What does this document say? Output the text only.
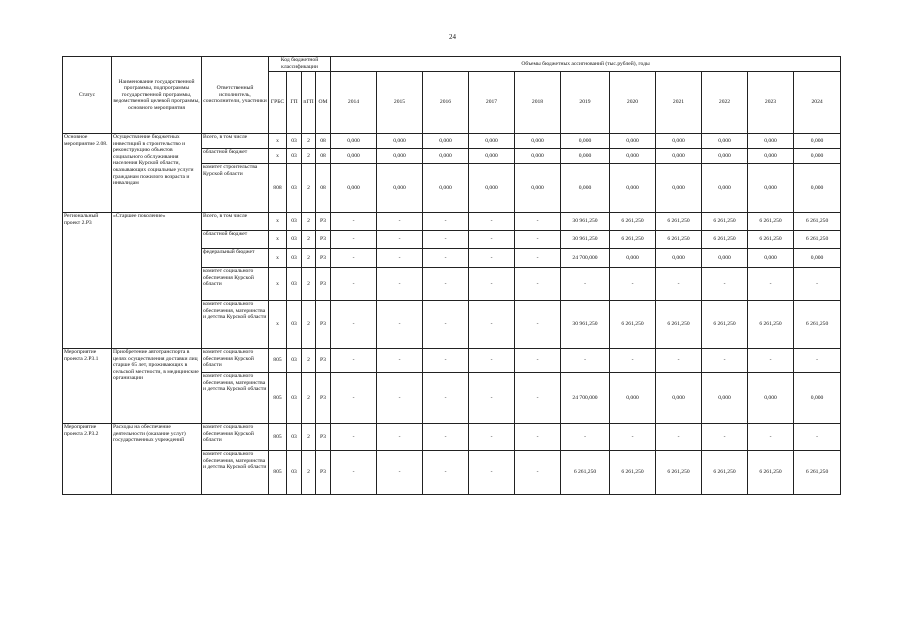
24
Статус	Наименование государственной программы, подпрограммы государственной программы, ведомственной целевой программы, основного мероприятия	Ответственный исполнитель, соисполнители, участники	Код бюджетной классификации				Объемы бюджетных ассигнований (тыс.рублей), годы										
			ГРБС	ГП	пГП	ОМ	2014	2015	2016	2017	2018	2019	2020	2021	2022	2023	2024
Основное мероприятие 2.08.	Осуществление бюджетных инвестиций в строительство и реконструкцию объектов социального обслуживания населения Курской области, оказывающих социальные услуги гражданам пожилого возраста и инвалидам	Всего, в том числе	x	03	2	08	0,000	0,000	0,000	0,000	0,000	0,000	0,000	0,000	0,000	0,000	0,000
		областной бюджет	x	03	2	08	0,000	0,000	0,000	0,000	0,000	0,000	0,000	0,000	0,000	0,000	0,000
		комитет строительства Курской области	808	03	2	08	0,000	0,000	0,000	0,000	0,000	0,000	0,000	0,000	0,000	0,000	0,000
Региональный проект 2.Р3	«Старшее поколение»	Всего, в том числе	x	03	2	Р3	-	-	-	-	-	30 961,250	6 261,250	6 261,250	6 261,250	6 261,250	6 261,250
		областной бюджет	x	03	2	Р3	-	-	-	-	-	30 961,250	6 261,250	6 261,250	6 261,250	6 261,250	6 261,250
		федеральный бюджет	x	03	2	Р3	-	-	-	-	-	24 700,000	0,000	0,000	0,000	0,000	0,000
		комитет социального обеспечения Курской области	x	03	2	Р3	-	-	-	-	-	-	-	-	-	-	-
		комитет социального обеспечения, материнства и детства Курской области	x	03	2	Р3	-	-	-	-	-	30 961,250	6 261,250	6 261,250	6 261,250	6 261,250	6 261,250
Мероприятие проекта 2.Р3.1	Приобретение автотранспорта в целях осуществления доставки лиц старше 65 лет, проживающих в сельской местности, в медицинские организации	комитет социального обеспечения Курской области	805	03	2	Р3	-	-	-	-	-	-	-	-	-	-	-
		комитет социального обеспечения, материнства и детства Курской области	805	03	2	Р3	-	-	-	-	-	24 700,000	0,000	0,000	0,000	0,000	0,000
Мероприятие проекта 2.Р3.2	Расходы на обеспечение деятельности (оказание услуг) государственных учреждений	комитет социального обеспечения Курской области	805	03	2	Р3	-	-	-	-	-	-	-	-	-	-	-
		комитет социального обеспечения, материнства и детства Курской области	805	03	2	Р3	-	-	-	-	-	6 261,250	6 261,250	6 261,250	6 261,250	6 261,250	6 261,250
